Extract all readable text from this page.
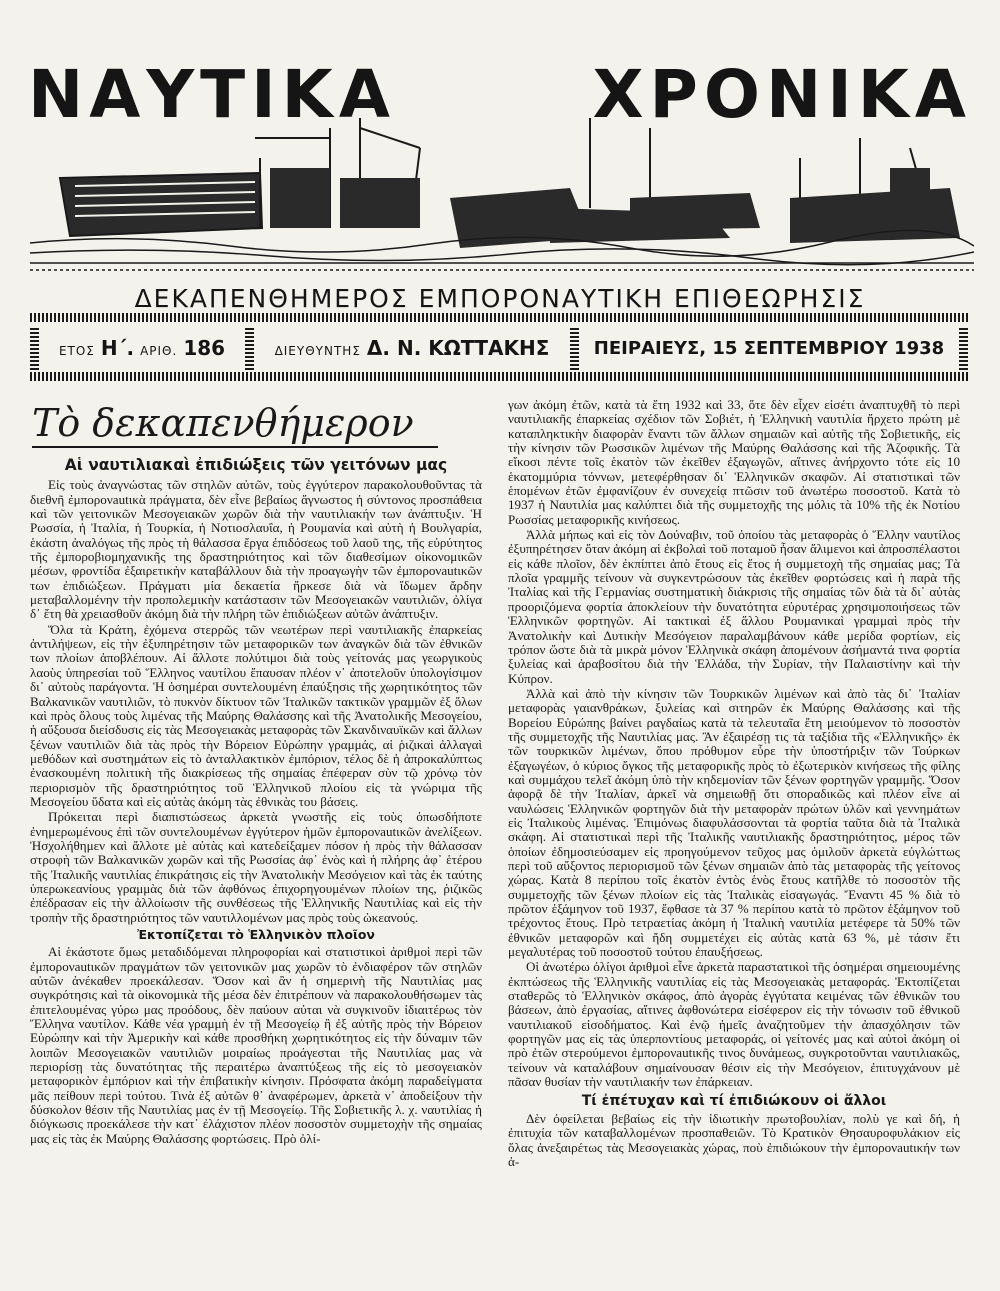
ΝΑΥΤΙΚΑ	ΧΡΟΝΙΚΑ
ΔΕΚΑΠΕΝΘΗΜΕΡΟΣ ΕΜΠΟΡΟΝΑΥΤΙΚΗ ΕΠΙΘΕΩΡΗΣΙΣ
ΕΤΟΣ Η΄. ΑΡΙΘ. 186	ΔΙΕΥΘΥΝΤΗΣ Δ. Ν. ΚΩΤΤΑΚΗΣ ΠΕΙΡΑΙΕΥΣ, 15 ΣΕΠΤΕΜΒΡΙΟΥ 1938
Τὸ δεκαπενθήμερον
Αἱ ναυτιλιακαὶ ἐπιδιώξεις τῶν γειτόνων μας

Εἰς τοὺς ἀναγνώστας τῶν στηλῶν αὐτῶν, τοὺς ἐγγύτερον παρακολουθοῦντας τὰ διεθνῆ ἐμπορονautικὰ πράγματα, δὲν εἶνε βεβαίως ἄγνωστος ἡ σύντονος προσπάθεια καὶ τῶν γειτονικῶν Μεσογειακῶν χωρῶν διὰ τὴν ναυτιλιακήν των ἀνάπτυξιν. Ἡ Ρωσσία, ἡ Ἰταλία, ἡ Τουρκία, ἡ Νοτιοσλαυΐα, ἡ Ρουμανία καὶ αὐτὴ ἡ Βουλγαρία, ἑκάστη ἀναλόγως τῆς πρὸς τὴ θάλασσα ἔργα ἐπιδόσεως τοῦ λαοῦ της, τῆς εὐρύτητος τῆς ἐμποροβιομηχανικῆς της δραστηριότητος καὶ τῶν διαθεσίμων οἰκονομικῶν μέσων, φροντίδα ἐξαιρετικὴν καταβάλλουν διὰ τὴν προαγωγὴν τῶν ἐμπορονautικῶν των ἐπιδιώξεων. Πράγματι μία δεκαετία ἤρκεσε διὰ νὰ ἴδωμεν ἄρδην μεταβαλλομένην τὴν προπολεμικὴν κατάστασιν τῶν Μεσογειακῶν ναυτιλιῶν, ὀλίγα δ᾽ ἔτη θὰ χρειασθοῦν ἀκόμη διὰ τὴν πλήρη τῶν ἐπιδιώξεων αὐτῶν ἀνάπτυξιν.

Ὅλα τὰ Κράτη, ἐχόμενα στερρῶς τῶν νεωτέρων περὶ ναυτιλιακῆς ἐπαρκείας ἀντιλήψεων, εἰς τὴν ἐξυπηρέτησιν τῶν μεταφορικῶν των ἀναγκῶν διὰ τῶν ἐθνικῶν των πλοίων ἀποβλέπουν. Αἱ ἄλλοτε πολύτιμοι διὰ τοὺς γείτονάς μας γεωργικοὺς λαοὺς ὑπηρεσίαι τοῦ Ἕλληνος ναυτίλου ἔπαυσαν πλέον ν᾽ ἀποτελοῦν ὑπολογίσιμον δι᾽ αὐτοὺς παράγοντα. Ἡ ὁσημέραι συντελουμένη ἐπαύξησις τῆς χωρητικότητος τῶν Βαλκανικῶν ναυτιλιῶν, τὸ πυκνὸν δίκτυον τῶν Ἰταλικῶν τακτικῶν γραμμῶν ἐξ ὅλων καὶ πρὸς ὅλους τοὺς λιμένας τῆς Μαύρης Θαλάσσης καὶ τῆς Ἀνατολικῆς Μεσογείου, ἡ αὔξουσα διείσδυσις εἰς τὰς Μεσογειακὰς μεταφορὰς τῶν Σκανδιναυϊκῶν καὶ ἄλλων ξένων ναυτιλιῶν διὰ τὰς πρὸς τὴν Βόρειον Εὐρώπην γραμμάς, αἱ ῥιζικαὶ ἀλλαγαὶ μεθόδων καὶ συστημάτων εἰς τὸ ἀνταλλακτικὸν ἐμπόριον, τέλος δὲ ἡ ἀπροκαλύπτως ἐνασκουμένη πολιτικὴ τῆς διακρίσεως τῆς σημαίας ἐπέφεραν σὺν τῷ χρόνῳ τὸν περιορισμὸν τῆς δραστηριότητος τοῦ Ἑλληνικοῦ πλοίου εἰς τὰ γνώριμα τῆς Μεσογείου ὕδατα καὶ εἰς αὐτὰς ἀκόμη τὰς ἐθνικὰς του βάσεις.

Πρόκειται περὶ διαπιστώσεως ἀρκετὰ γνωστῆς εἰς τοὺς ὁπωσδήποτε ἐνημερωμένους ἐπὶ τῶν συντελουμένων ἐγγύτερον ἡμῶν ἐμπορονautικῶν ἀνελίξεων. Ἠσχολήθημεν καὶ ἄλλοτε μὲ αὐτὰς καὶ κατεδείξαμεν πόσον ἡ πρὸς τὴν θάλασσαν στροφὴ τῶν Βαλκανικῶν χωρῶν καὶ τῆς Ρωσσίας ἀφ᾽ ἑνὸς καὶ ἡ πλήρης ἀφ᾽ ἑτέρου τῆς Ἰταλικῆς ναυτιλίας ἐπικράτησις εἰς τὴν Ἀνατολικὴν Μεσόγειον καὶ τὰς ἐκ ταύτης ὑπερωκεανίους γραμμὰς διὰ τῶν ἀφθόνως ἐπιχορηγουμένων πλοίων της, ῥιζικῶς ἐπέδρασαν εἰς τὴν ἀλλοίωσιν τῆς συνθέσεως τῆς Ἑλληνικῆς Ναυτιλίας καὶ εἰς τὴν τροπὴν τῆς δραστηριότητος τῶν ναυτιλλομένων μας πρὸς τοὺς ὠκεανούς.

Ἐκτοπίζεται τὸ Ἑλληνικὸν πλοῖον

Αἱ ἑκάστοτε ὅμως μεταδιδόμεναι πληροφορίαι καὶ στατιστικοὶ ἀριθμοὶ περὶ τῶν ἐμπορονautικῶν πραγμάτων τῶν γειτονικῶν μας χωρῶν τὸ ἐνδιαφέρον τῶν στηλῶν αὐτῶν ἀνέκαθεν προεκάλεσαν. Ὅσον καὶ ἂν ἡ σημερινὴ τῆς Ναυτιλίας μας συγκρότησις καὶ τὰ οἰκονομικὰ τῆς μέσα δὲν ἐπιτρέπουν νὰ παρακολουθήσωμεν τὰς ἐπιτελουμένας γύρω μας προόδους, δὲν παύουν αὐται νὰ συγκινοῦν ἰδιαιτέρως τὸν Ἕλληνα ναυτίλον. Κάθε νέα γραμμὴ ἐν τῇ Μεσογείῳ ἢ ἐξ αὐτῆς πρὸς τὴν Βόρειον Εὐρώπην καὶ τὴν Ἀμερικὴν καὶ κάθε προσθήκη χωρητικότητος εἰς τὴν δύναμιν τῶν λοιπῶν Μεσογειακῶν ναυτιλιῶν μοιραίως προάγεσται τῆς Ναυτιλίας μας νὰ περιορίσῃ τὰς δυνατότητας τῆς περαιτέρω ἀναπτύξεως τῆς εἰς τὸ μεσογειακὸν μεταφορικὸν ἐμπόριον καὶ τὴν ἐπιβατικὴν κίνησιν. Πρόσφατα ἀκόμη παραδείγματα μᾶς πείθουν περὶ τούτου. Τινὰ ἐξ αὐτῶν θ᾽ ἀναφέρωμεν, ἀρκετὰ ν᾽ ἀποδείξουν τὴν δύσκολον θέσιν τῆς Ναυτιλίας μας ἐν τῇ Μεσογείῳ. Τῆς Σοβιετικῆς λ. χ. ναυτιλίας ἡ διόγκωσις προεκάλεσε τὴν κατ᾽ ἐλάχιστον πλέον ποσοστὸν συμμετοχὴν τῆς σημαίας μας εἰς τὰς ἐκ Μαύρης Θαλάσσης φορτώσεις. Πρὸ ὀλί-

γων ἀκόμη ἐτῶν, κατὰ τὰ ἔτη 1932 καὶ 33, ὅτε δὲν εἶχεν εἰσέτι ἀναπτυχθῆ τὸ περὶ ναυτιλιακῆς ἐπαρκείας σχέδιον τῶν Σοβιέτ, ἡ Ἑλληνικὴ ναυτιλία ἤρχετο πρώτη μὲ καταπληκτικὴν διαφορὰν ἔναντι τῶν ἄλλων σημαιῶν καὶ αὐτῆς τῆς Σοβιετικῆς, εἰς τὴν κίνησιν τῶν Ρωσσικῶν λιμένων τῆς Μαύρης Θαλάσσης καὶ τῆς Ἀζοφικῆς. Τὰ εἴκοσι πέντε τοῖς ἑκατὸν τῶν ἐκεῖθεν ἐξαγωγῶν, αἵτινες ἀνήρχοντο τότε εἰς 10 ἑκατομμύρια τόννων, μετεφέρθησαν δι᾽ Ἑλληνικῶν σκαφῶν. Αἱ στατιστικαὶ τῶν ἑπομένων ἐτῶν ἐμφανίζουν ἐν συνεχείᾳ πτῶσιν τοῦ ἀνωτέρω ποσοστοῦ. Κατὰ τὸ 1937 ἡ Ναυτιλία μας καλύπτει διὰ τῆς συμμετοχῆς της μόλις τὰ 10% τῆς ἐκ Νοτίου Ρωσσίας μεταφορικῆς κινήσεως.

Ἀλλὰ μήπως καὶ εἰς τὸν Δούναβιν, τοῦ ὁποίου τὰς μεταφορὰς ὁ Ἕλλην ναυτίλος ἐξυπηρέτησεν ὅταν ἀκόμη αἱ ἐκβολαὶ τοῦ ποταμοῦ ἦσαν ἄλιμενοι καὶ ἀπροσπέλαστοι εἰς κάθε πλοῖον, δὲν ἐκπίπτει ἀπὸ ἔτους εἰς ἔτος ἡ συμμετοχὴ τῆς σημαίας μας; Τὰ πλοῖα γραμμῆς τείνουν νὰ συγκεντρώσουν τὰς ἐκεῖθεν φορτώσεις καὶ ἡ παρὰ τῆς Ἰταλίας καὶ τῆς Γερμανίας συστηματικὴ διάκρισις τῆς σημαίας τῶν διὰ τὰ δι᾽ αὐτὰς προοριζόμενα φορτία ἀποκλείουν τὴν δυνατότητα εὐρυτέρας χρησιμοποιήσεως τῶν Ἑλληνικῶν φορτηγῶν. Αἱ τακτικαὶ ἐξ ἄλλου Ρουμανικαὶ γραμμαὶ πρὸς τὴν Ἀνατολικὴν καὶ Δυτικὴν Μεσόγειον παραλαμβάνουν κάθε μερίδα φορτίων, εἰς τρόπον ὥστε διὰ τὰ μικρὰ μόνον Ἑλληνικὰ σκάφη ἀπομένουν ἀσήμαντά τινα φορτία ξυλείας καὶ ἀραβοσίτου διὰ τὴν Ἑλλάδα, τὴν Συρίαν, τὴν Παλαιστίνην καὶ τὴν Κύπρον.

Ἀλλὰ καὶ ἀπὸ τὴν κίνησιν τῶν Τουρκικῶν λιμένων καὶ ἀπὸ τὰς δι᾽ Ἰταλίαν μεταφορὰς γαιανθράκων, ξυλείας καὶ σιτηρῶν ἐκ Μαύρης Θαλάσσης καὶ τῆς Βορείου Εὐρώπης βαίνει ραγδαίως κατὰ τὰ τελευταῖα ἔτη μειούμενον τὸ ποσοστὸν τῆς συμμετοχῆς τῆς Ναυτιλίας μας. Ἂν ἐξαιρέσῃ τις τὰ ταξίδια τῆς «Ἑλληνικῆς» ἐκ τῶν τουρκικῶν λιμένων, ὅπου πρόθυμον εὗρε τὴν ὑποστήριξιν τῶν Τούρκων ἐξαγωγέων, ὁ κύριος ὄγκος τῆς μεταφορικῆς πρὸς τὸ ἐξωτερικὸν κινήσεως τῆς φίλης καὶ συμμάχου τελεῖ ἀκόμη ὑπὸ τὴν κηδεμονίαν τῶν ξένων φορτηγῶν γραμμῆς. Ὅσον ἀφορᾷ δὲ τὴν Ἰταλίαν, ἀρκεῖ νὰ σημειωθῇ ὅτι σποραδικῶς καὶ πλέον εἶνε αἱ ναυλώσεις Ἑλληνικῶν φορτηγῶν διὰ τὴν μεταφορὰν πρώτων ὑλῶν καὶ γεννημάτων εἰς Ἰταλικοὺς λιμένας. Ἐπιμόνως διαφυλάσσονται τὰ φορτία ταῦτα διὰ τὰ Ἰταλικὰ σκάφη. Αἱ στατιστικαὶ περὶ τῆς Ἰταλικῆς ναυτιλιακῆς δραστηριότητος, μέρος τῶν ὁποίων ἐδημοσιεύσαμεν εἰς προηγούμενον τεῦχος μας ὁμιλοῦν ἀρκετὰ εὐγλώττως περὶ τοῦ αὔξοντος περιορισμοῦ τῶν ξένων σημαιῶν ἀπὸ τὰς μεταφορὰς τῆς γείτονος χώρας. Κατὰ 8 περίπου τοῖς ἑκατὸν ἐντὸς ἑνὸς ἔτους κατῆλθε τὸ ποσοστὸν τῆς συμμετοχῆς τῶν ξένων πλοίων εἰς τὰς Ἰταλικὰς εἰσαγωγάς. Ἔναντι 45 % διὰ τὸ πρῶτον ἑξάμηνον τοῦ 1937, ἔφθασε τὰ 37 % περίπου κατὰ τὸ πρῶτον ἑξάμηνον τοῦ τρέχοντος ἔτους. Πρὸ τετραετίας ἀκόμη ἡ Ἰταλικὴ ναυτιλία μετέφερε τὰ 50% τῶν ἐθνικῶν μεταφορῶν καὶ ἤδη συμμετέχει εἰς αὐτὰς κατὰ 63 %, μὲ τάσιν ἔτι μεγαλυτέρας τοῦ ποσοστοῦ τούτου ἐπαυξήσεως.

Οἱ ἀνωτέρω ὀλίγοι ἀριθμοὶ εἶνε ἀρκετὰ παραστατικοὶ τῆς ὁσημέραι σημειουμένης ἐκπτώσεως τῆς Ἑλληνικῆς ναυτιλίας εἰς τὰς Μεσογειακὰς μεταφοράς. Ἐκτοπίζεται σταθερῶς τὸ Ἑλληνικὸν σκάφος, ἀπὸ ἀγορὰς ἐγγύτατα κειμένας τῶν ἐθνικῶν του βάσεων, ἀπὸ ἐργασίας, αἵτινες ἀφθονώτερα εἰσέφερον εἰς τὴν τόνωσιν τοῦ ἐθνικοῦ ναυτιλιακοῦ εἰσοδήματος. Καὶ ἐνῷ ἡμεῖς ἀναζητοῦμεν τὴν ἀπασχόλησιν τῶν φορτηγῶν μας εἰς τὰς ὑπερποντίους μεταφοράς, οἱ γείτονές μας καὶ αὐτοὶ ἀκόμη οἱ πρὸ ἐτῶν στερούμενοι ἐμπορονautικῆς τινος δυνάμεως, συγκροτοῦνται ναυτιλιακῶς, τείνουν νὰ καταλάβουν σημαίνουσαν θέσιν εἰς τὴν Μεσόγειον, ἐπιτυγχάνουν μὲ πᾶσαν θυσίαν τὴν ναυτιλιακήν των ἐπάρκειαν.

Τί ἐπέτυχαν καὶ τί ἐπιδιώκουν οἱ ἄλλοι

Δὲν ὀφείλεται βεβαίως εἰς τὴν ἰδιωτικὴν πρωτοβουλίαν, πολὺ γε καὶ δή, ἡ ἐπιτυχία τῶν καταβαλλομένων προσπαθειῶν. Τὸ Κρατικὸν Θησαυροφυλάκιον εἰς ὅλας ἀνεξαιρέτως τὰς Μεσογειακὰς χώρας, ποὺ ἐπιδιώκουν τὴν ἐμπορονautικήν των ἀ-
